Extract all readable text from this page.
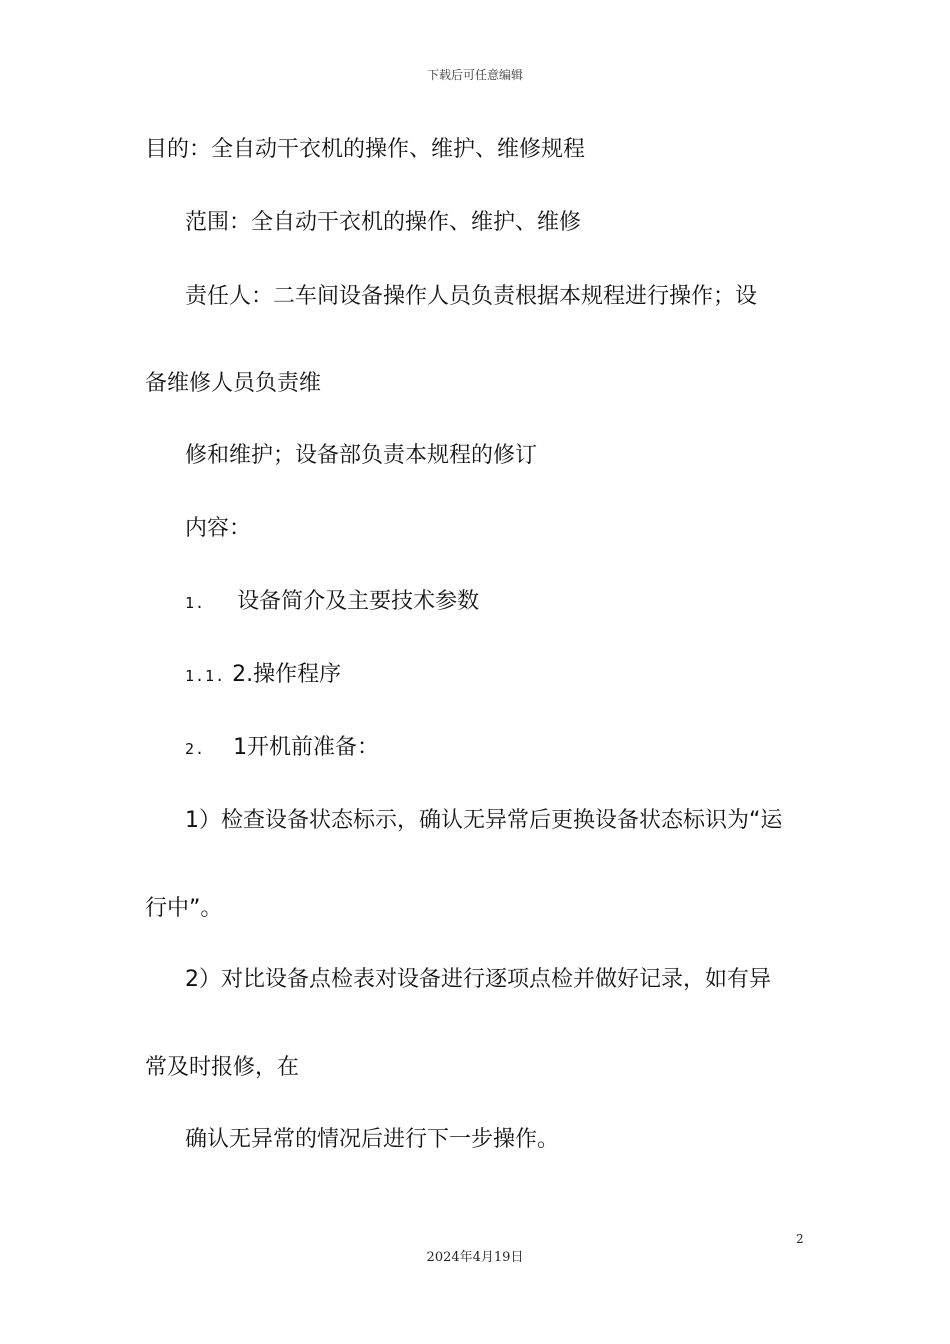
下载后可任意编辑
目的：全自动干衣机的操作、维护、维修规程
范围：全自动干衣机的操作、维护、维修
责任人：二车间设备操作人员负责根据本规程进行操作；设
备维修人员负责维
修和维护；设备部负责本规程的修订
内容：
1. 设备简介及主要技术参数
1.1. 2.操作程序
2. 1开机前准备：
1）检查设备状态标示，确认无异常后更换设备状态标识为“运
行中”。
2）对比设备点检表对设备进行逐项点检并做好记录，如有异
常及时报修，在
确认无异常的情况后进行下一步操作。
2
2024年4月19日
